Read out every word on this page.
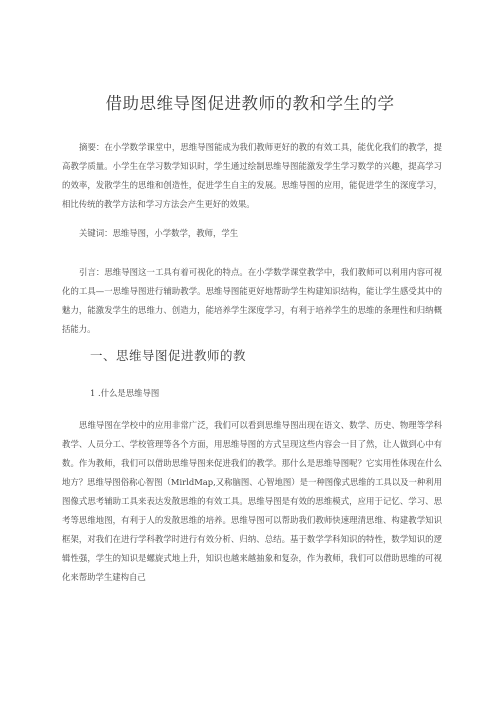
借助思维导图促进教师的教和学生的学

摘要：在小学数学课堂中，思维导图能成为我们教师更好的教的有效工具，能优化我们的教学，提高教学质量。小学生在学习数学知识时，学生通过绘制思维导图能激发学生学习数学的兴趣，提高学习的效率，发散学生的思维和创造性，促进学生自主的发展。思维导图的应用，能促进学生的深度学习，相比传统的教学方法和学习方法会产生更好的效果。

关键词：思维导图，小学数学，教师，学生

引言：思维导图这一工具有着可视化的特点。在小学数学课堂教学中，我们教师可以利用内容可视化的工具—一思维导图进行辅助教学。思维导图能更好地帮助学生构建知识结构，能让学生感受其中的魅力，能激发学生的思维力、创造力，能培养学生深度学习，有利于培养学生的思维的条理性和归纳概括能力。

一、思维导图促进教师的教
1 .什么是思维导图

思维导图在学校中的应用非常广泛，我们可以看到思维导图出现在语文、数学、历史、物理等学科教学、人员分工、学校管理等各个方面，用思维导图的方式呈现这些内容会一目了然，让人做到心中有数。作为教师，我们可以借助思维导图来促进我们的教学。那什么是思维导图呢？它实用性体现在什么地方？思维导图俗称心智图（MirldMap,又称脑图、心智地图）是一种图像式思维的工具以及一种利用图像式思考辅助工具来表达发散思维的有效工具。思维导图是有效的思维模式，应用于记忆、学习、思考等思维地图，有利于人的发散思维的培养。思维导图可以帮助我们教师快速理清思维、构建教学知识框架，对我们在进行学科教学时进行有效分析、归纳、总结。基于数学学科知识的特性，数学知识的逻辑性强，学生的知识是螺旋式地上升，知识也越来越抽象和复杂，作为教师，我们可以借助思维的可视化来帮助学生建构自己
